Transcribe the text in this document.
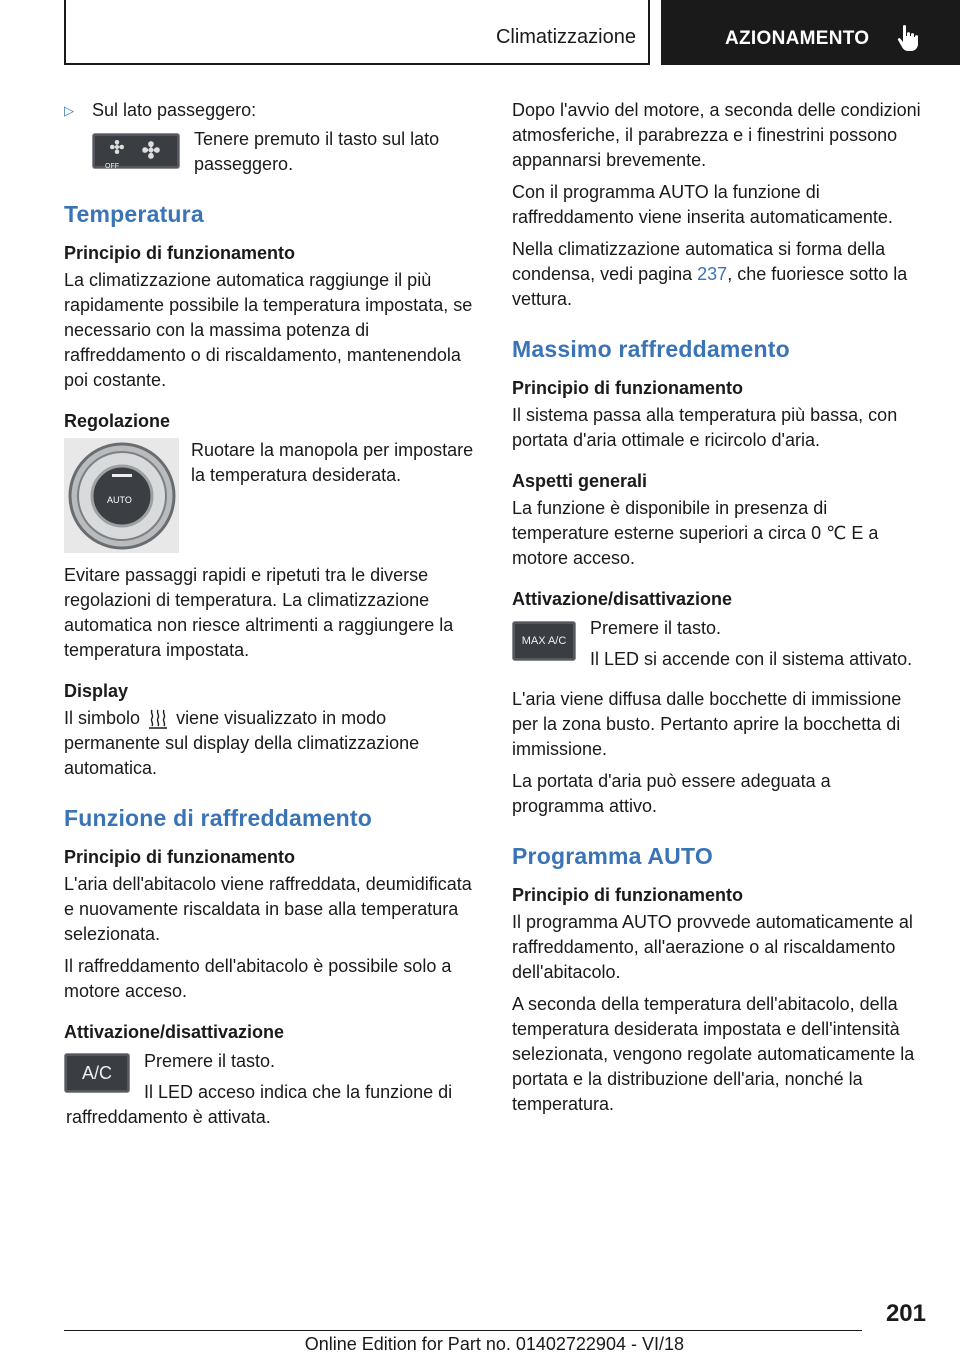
Climatizzazione	AZIONAMENTO
▷	Sul lato passeggero:
OFF
Tenere premuto il tasto sul lato passeggero.
Temperatura
Principio di funzionamento

La climatizzazione automatica raggiunge il più rapidamente possibile la temperatura impostata, se necessario con la massima potenza di raffreddamento o di riscaldamento, mantenendola poi costante.

Regolazione
AUTO
Ruotare la manopola per impostare la temperatura desiderata.

Evitare passaggi rapidi e ripetuti tra le diverse regolazioni di temperatura. La climatizzazione automatica non riesce altrimenti a raggiungere la temperatura impostata.

Display

Il simbolo viene visualizzato in modo permanente sul display della climatizzazione automatica.

Funzione di raffreddamento
Principio di funzionamento

L'aria dell'abitacolo viene raffreddata, deumidificata e nuovamente riscaldata in base alla temperatura selezionata.

Il raffreddamento dell'abitacolo è possibile solo a motore acceso.

Attivazione/disattivazione
A/C

Premere il tasto.

Il LED acceso indica che la funzione di raffreddamento è attivata.

Dopo l'avvio del motore, a seconda delle condizioni atmosferiche, il parabrezza e i finestrini possono appannarsi brevemente.

Con il programma AUTO la funzione di raffreddamento viene inserita automaticamente.

Nella climatizzazione automatica si forma della condensa, vedi pagina 237, che fuoriesce sotto la vettura.

Massimo raffreddamento
Principio di funzionamento

Il sistema passa alla temperatura più bassa, con portata d'aria ottimale e ricircolo d'aria.

Aspetti generali

La funzione è disponibile in presenza di temperature esterne superiori a circa 0 ℃ E a motore acceso.

Attivazione/disattivazione
MAX A/C

Premere il tasto.

Il LED si accende con il sistema attivato.

L'aria viene diffusa dalle bocchette di immissione per la zona busto. Pertanto aprire la bocchetta di immissione.

La portata d'aria può essere adeguata a programma attivo.

Programma AUTO
Principio di funzionamento

Il programma AUTO provvede automaticamente al raffreddamento, all'aerazione o al riscaldamento dell'abitacolo.

A seconda della temperatura dell'abitacolo, della temperatura desiderata impostata e dell'intensità selezionata, vengono regolate automaticamente la portata e la distribuzione dell'aria, nonché la temperatura.

201
Online Edition for Part no. 01402722904 - VI/18
